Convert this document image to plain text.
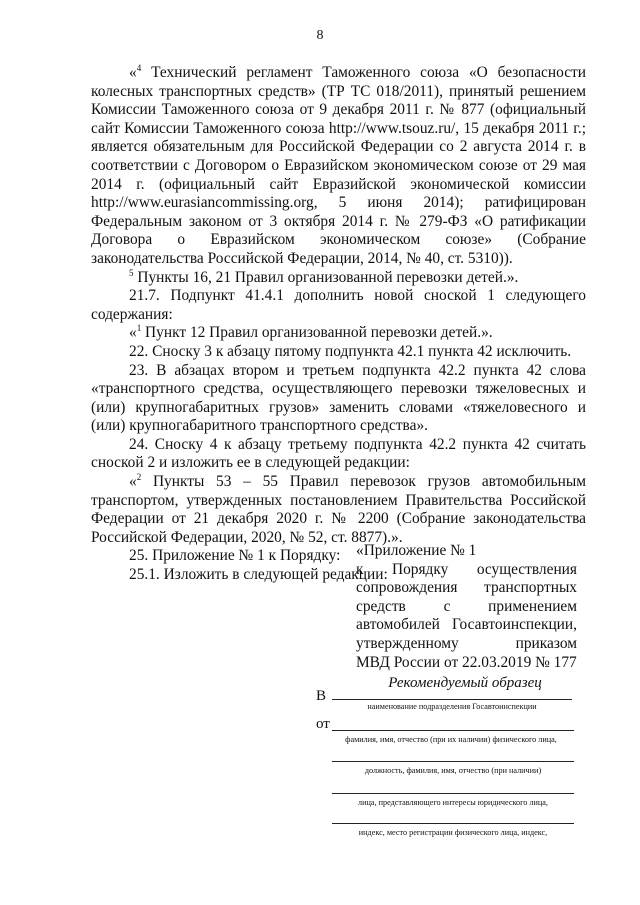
8

«$^4$ Технический регламент Таможенного союза «О безопасности колесных транспортных средств» (ТР ТС 018/2011), принятый решением Комиссии Таможенного союза от 9 декабря 2011 г. № 877 (официальный сайт Комиссии Таможенного союза http://www.tsouz.ru/, 15 декабря 2011 г.; является обязательным для Российской Федерации со 2 августа 2014 г. в соответствии с Договором о Евразийском экономическом союзе от 29 мая 2014 г. (официальный сайт Евразийской экономической комиссии http://www.eurasiancommissing.org, 5 июня 2014); ратифицирован Федеральным законом от 3 октября 2014 г. № 279-ФЗ «О ратификации Договора о Евразийском экономическом союзе» (Собрание законодательства Российской Федерации, 2014, № 40, ст. 5310)).

$^5$ Пункты 16, 21 Правил организованной перевозки детей.».

21.7. Подпункт 41.4.1 дополнить новой сноской 1 следующего содержания:

«$^1$ Пункт 12 Правил организованной перевозки детей.».

22. Сноску 3 к абзацу пятому подпункта 42.1 пункта 42 исключить.

23. В абзацах втором и третьем подпункта 42.2 пункта 42 слова «транспортного средства, осуществляющего перевозки тяжеловесных и (или) крупногабаритных грузов» заменить словами «тяжеловесного и (или) крупногабаритного транспортного средства».

24. Сноску 4 к абзацу третьему подпункта 42.2 пункта 42 считать сноской 2 и изложить ее в следующей редакции:

«$^2$ Пункты 53 – 55 Правил перевозок грузов автомобильным транспортом, утвержденных постановлением Правительства Российской Федерации от 21 декабря 2020 г. № 2200 (Собрание законодательства Российской Федерации, 2020, № 52, ст. 8877).».

25. Приложение № 1 к Порядку:

25.1. Изложить в следующей редакции:

«Приложение № 1
к Порядку осуществления
сопровождения транспортных
средств с применением
автомобилей Госавтоинспекции,
утвержденному приказом
МВД России от 22.03.2019 № 177
Рекомендуемый образец
В
наименование подразделения Госавтоинспекции
от
фамилия, имя, отчество (при их наличии) физического лица,
должность, фамилия, имя, отчество (при наличии)
лица, представляющего интересы юридического лица,
индекс, место регистрации физического лица, индекс,
